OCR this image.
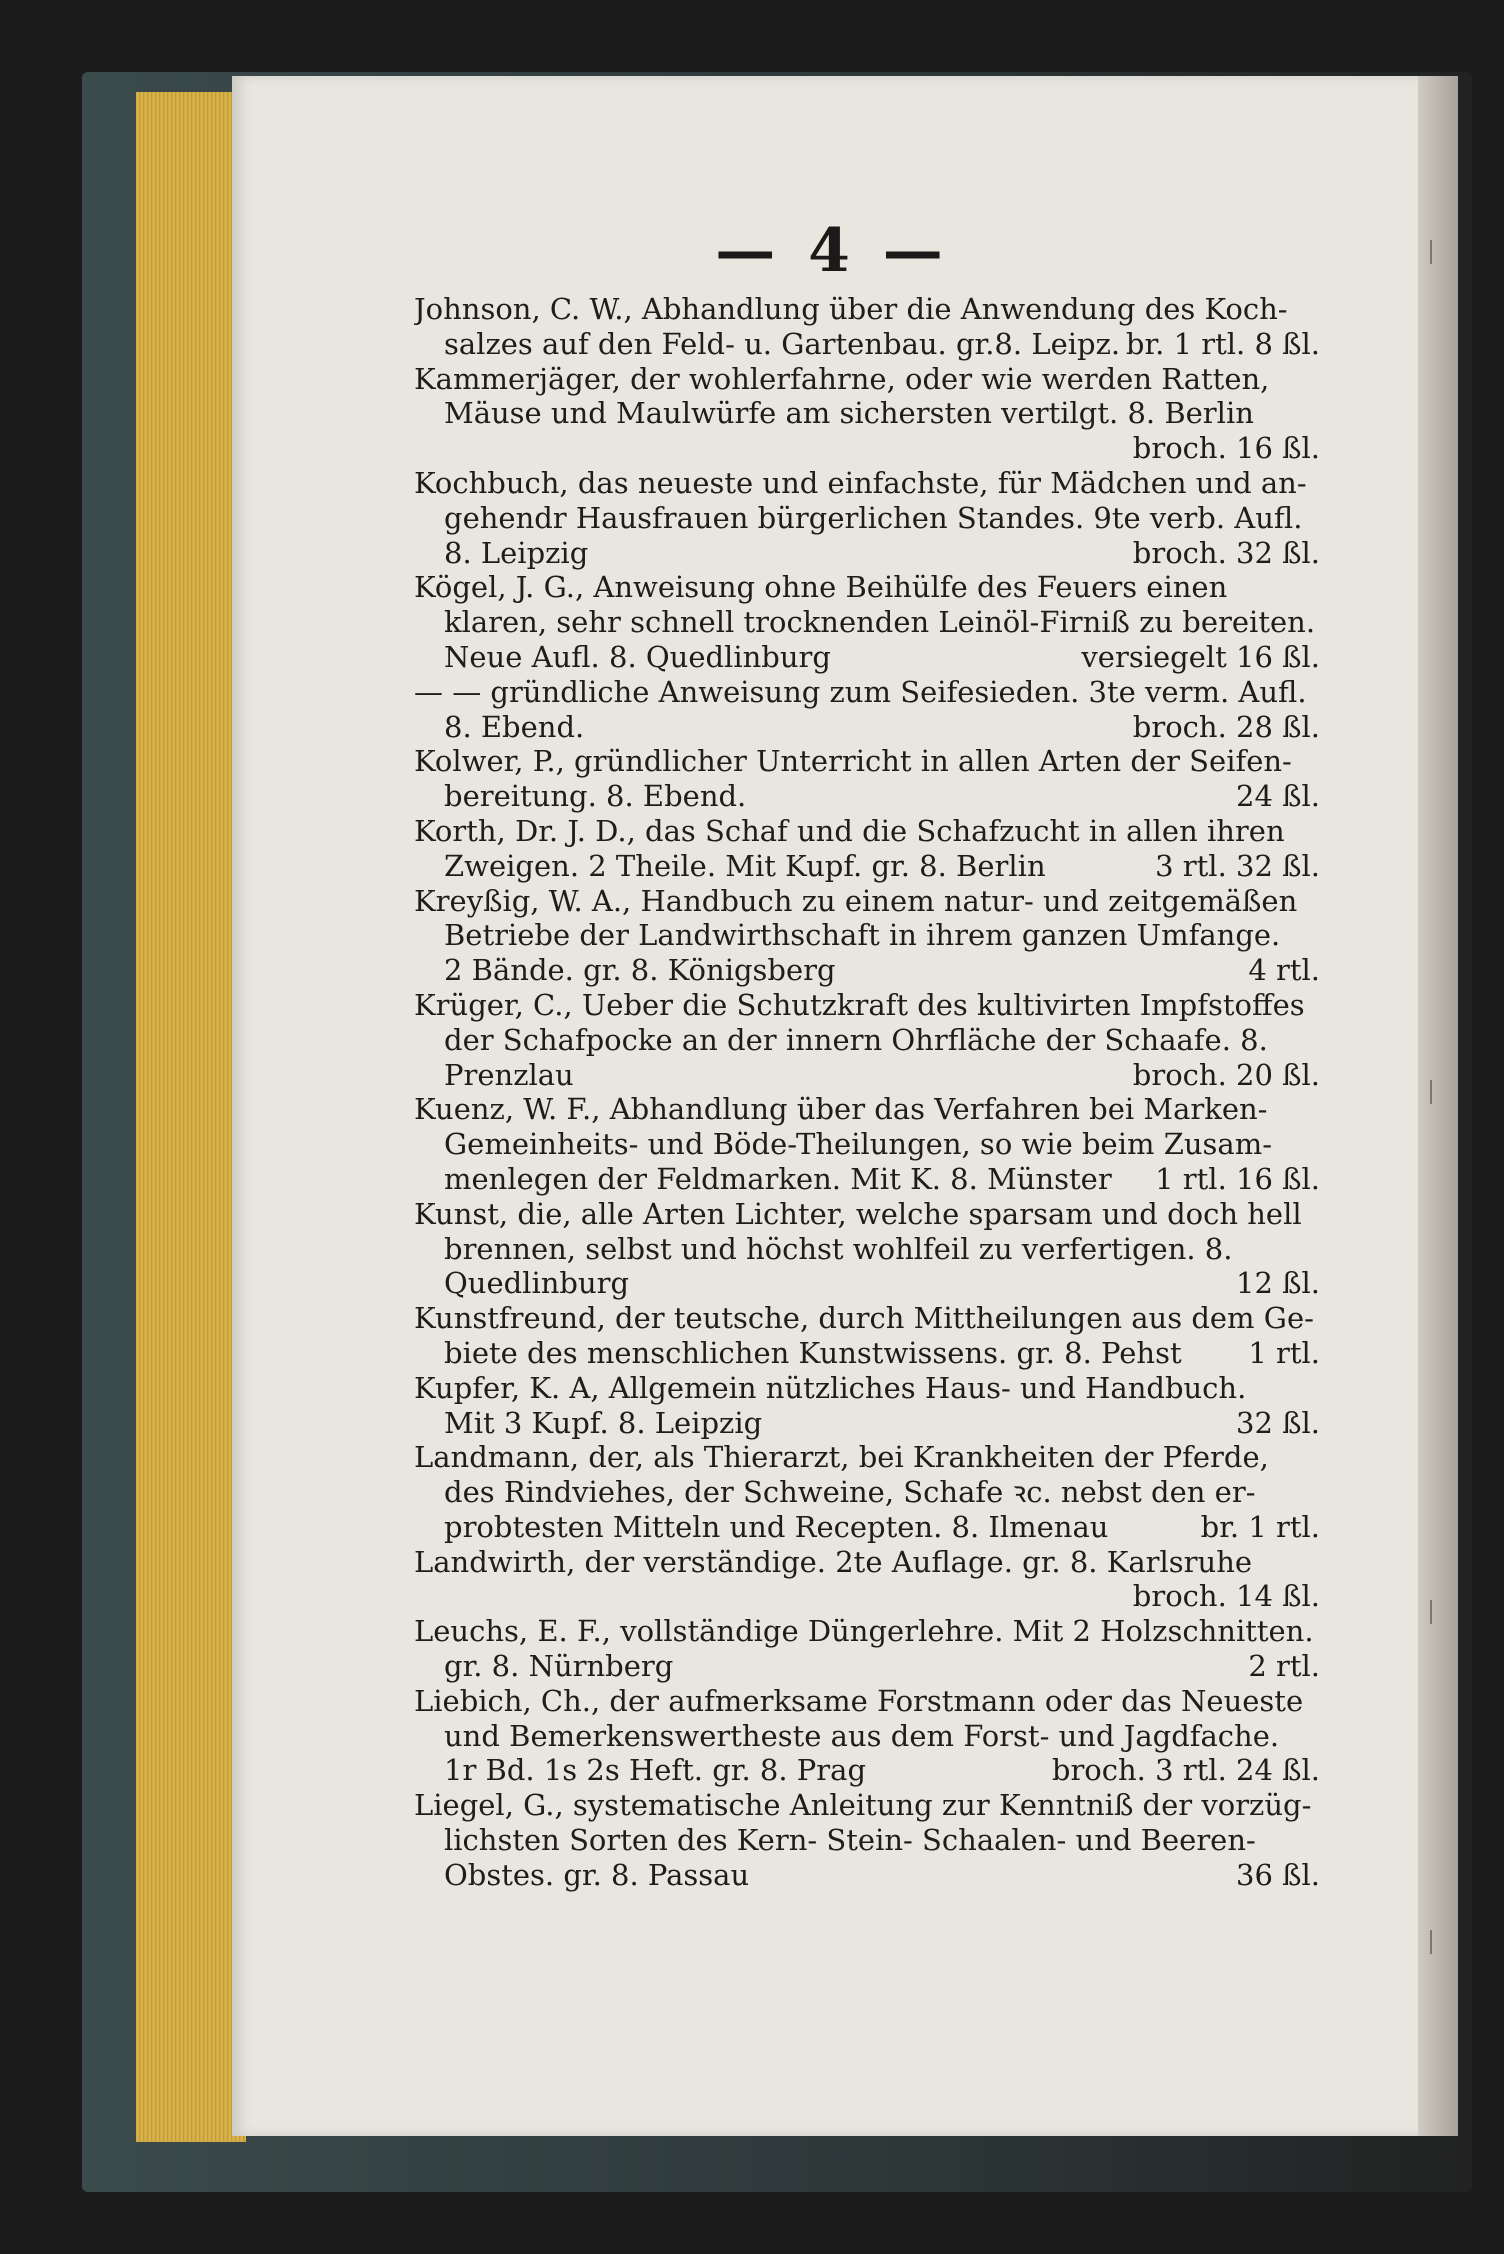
— 4 —
Johnson, C. W., Abhandlung über die Anwendung des Koch-
salzes auf den Feld- u. Gartenbau. gr.8. Leipz. br. 1 rtl. 8 ßl.
Kammerjäger, der wohlerfahrne, oder wie werden Ratten,
Mäuse und Maulwürfe am sichersten vertilgt. 8. Berlin
broch. 16 ßl.
Kochbuch, das neueste und einfachste, für Mädchen und an-
gehendr Hausfrauen bürgerlichen Standes. 9te verb. Aufl.
8. Leipzig	broch. 32 ßl.
Kögel, J. G., Anweisung ohne Beihülfe des Feuers einen
klaren, sehr schnell trocknenden Leinöl-Firniß zu bereiten.
Neue Aufl. 8. Quedlinburg	versiegelt 16 ßl.
— — gründliche Anweisung zum Seifesieden. 3te verm. Aufl.
8. Ebend.	broch. 28 ßl.
Kolwer, P., gründlicher Unterricht in allen Arten der Seifen-
bereitung. 8. Ebend.	24 ßl.
Korth, Dr. J. D., das Schaf und die Schafzucht in allen ihren
Zweigen. 2 Theile. Mit Kupf. gr. 8. Berlin	3 rtl. 32 ßl.
Kreyßig, W. A., Handbuch zu einem natur- und zeitgemäßen
Betriebe der Landwirthschaft in ihrem ganzen Umfange.
2 Bände. gr. 8. Königsberg	4 rtl.
Krüger, C., Ueber die Schutzkraft des kultivirten Impfstoffes
der Schafpocke an der innern Ohrfläche der Schaafe. 8.
Prenzlau	broch. 20 ßl.
Kuenz, W. F., Abhandlung über das Verfahren bei Marken-
Gemeinheits- und Böde-Theilungen, so wie beim Zusam-
menlegen der Feldmarken. Mit K. 8. Münster 1 rtl. 16 ßl.
Kunst, die, alle Arten Lichter, welche sparsam und doch hell
brennen, selbst und höchst wohlfeil zu verfertigen. 8.
Quedlinburg	12 ßl.
Kunstfreund, der teutsche, durch Mittheilungen aus dem Ge-
biete des menschlichen Kunstwissens. gr. 8. Pehst 1 rtl.
Kupfer, K. A, Allgemein nützliches Haus- und Handbuch.
Mit 3 Kupf. 8. Leipzig	32 ßl.
Landmann, der, als Thierarzt, bei Krankheiten der Pferde,
des Rindviehes, der Schweine, Schafe ꝛc. nebst den er-
probtesten Mitteln und Recepten. 8. Ilmenau	br. 1 rtl.
Landwirth, der verständige. 2te Auflage. gr. 8. Karlsruhe
broch. 14 ßl.
Leuchs, E. F., vollständige Düngerlehre. Mit 2 Holzschnitten.
gr. 8. Nürnberg	2 rtl.
Liebich, Ch., der aufmerksame Forstmann oder das Neueste
und Bemerkenswertheste aus dem Forst- und Jagdfache.
1r Bd. 1s 2s Heft. gr. 8. Prag	broch. 3 rtl. 24 ßl.
Liegel, G., systematische Anleitung zur Kenntniß der vorzüg-
lichsten Sorten des Kern- Stein- Schaalen- und Beeren-
Obstes. gr. 8. Passau	36 ßl.
